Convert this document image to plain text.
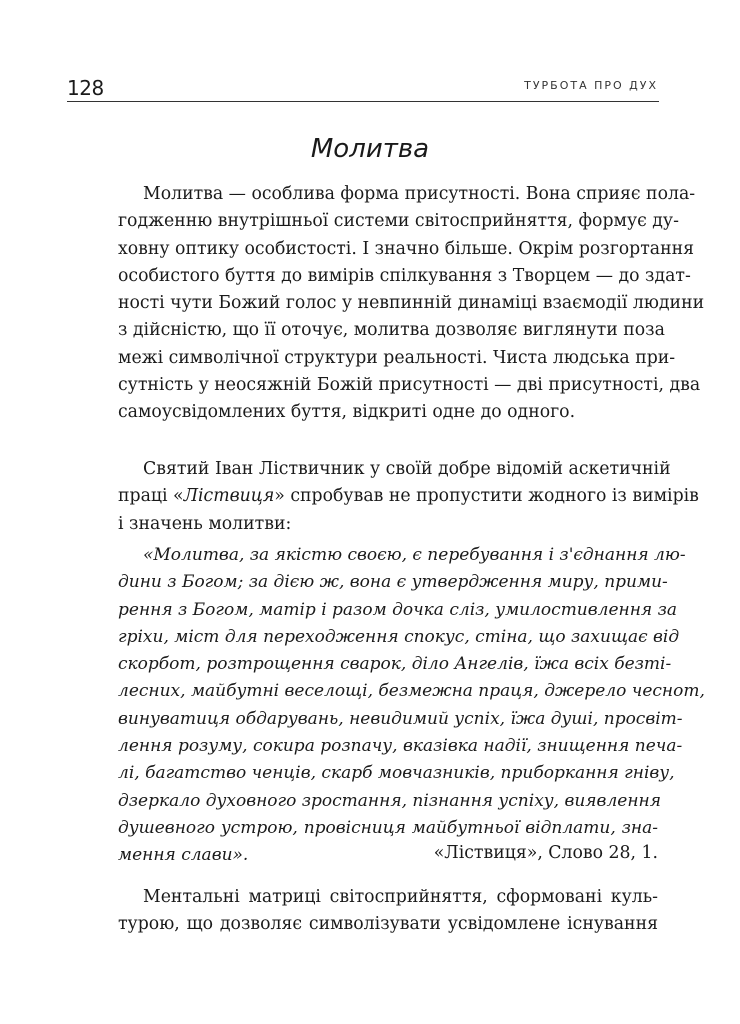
128	ТУРБОТА ПРО ДУХ
Молитва
Молитва — особлива форма присутності. Вона сприяє пола-
годженню внутрішньої системи світосприйняття, формує ду-
ховну оптику особистості. І значно більше. Окрім розгортання
особистого буття до вимірів спілкування з Творцем — до здат-
ності чути Божий голос у невпинній динаміці взаємодії людини
з дійсністю, що її оточує, молитва дозволяє виглянути поза
межі символічної структури реальності. Чиста людська при-
сутність у неосяжній Божій присутності — дві присутності, два
самоусвідомлених буття, відкриті одне до одного.
Святий Іван Ліствичник у своїй добре відомій аскетичній
праці «Ліствиця» спробував не пропустити жодного із вимірів
і значень молитви:
«Молитва, за якістю своєю, є перебування і з'єднання лю-
дини з Богом; за дією ж, вона є утвердження миру, прими-
рення з Богом, матір і разом дочка сліз, умилостивлення за
гріхи, міст для переходження спокус, стіна, що захищає від
скорбот, розтрощення сварок, діло Ангелів, їжа всіх безті-
лесних, майбутні веселощі, безмежна праця, джерело чеснот,
винуватиця обдарувань, невидимий успіх, їжа душі, просвіт-
лення розуму, сокира розпачу, вказівка надії, знищення печа-
лі, багатство ченців, скарб мовчазників, приборкання гніву,
дзеркало духовного зростання, пізнання успіху, виявлення
душевного устрою, провісниця майбутньої відплати, зна-
мення слави».	«Ліствиця», Слово 28, 1.
Ментальні матриці світосприйняття, сформовані куль-
турою, що дозволяє символізувати усвідомлене існування
